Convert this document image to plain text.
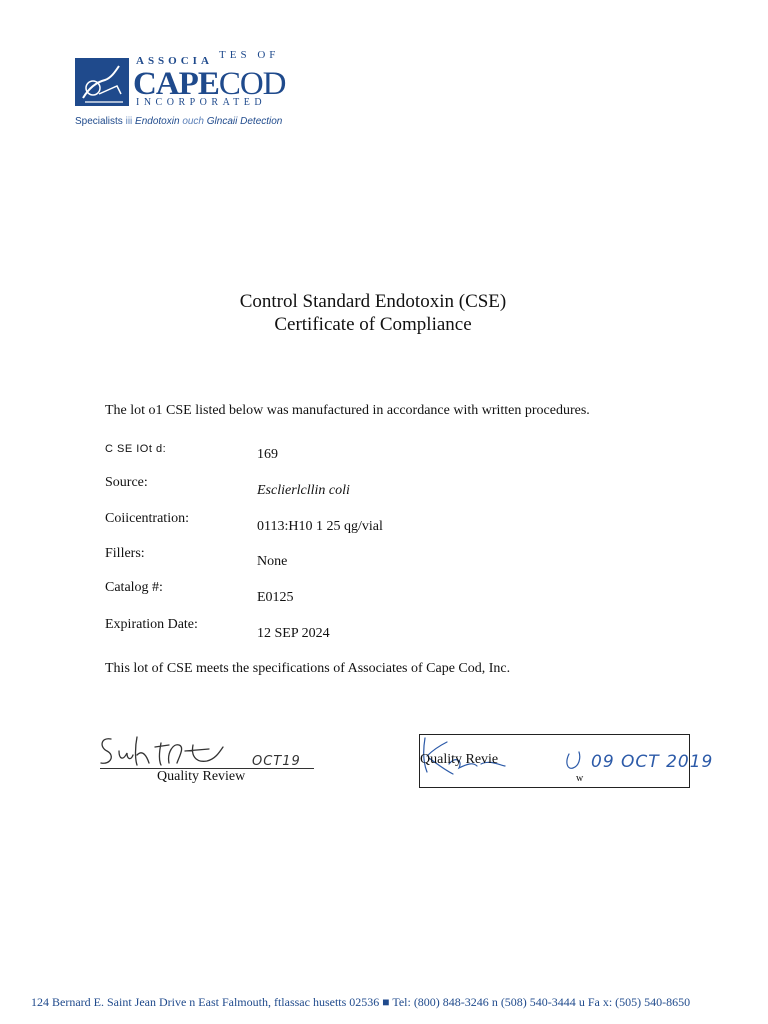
ASSOCIA TES OF
CAPECOD
INCORPORATED
Specialists iii Endotoxin ouch Glncaii Detection
Control Standard Endotoxin (CSE)
Certificate of Compliance
The lot o1 CSE listed below was manufactured in accordance with written procedures.
C SE IOt d:	169
Source:
Esclierlcllin coli
Coiicentration:
0113:H10 1 25 qg/vial
Fillers:
None
Catalog #:
E0125
Expiration Date:
12 SEP 2024
This lot of CSE meets the specifications of Associates of Cape Cod, Inc.
OCT19
Quality Review
Quality Revie
w
09 OCT 2019
124 Bernard E. Saint Jean Drive n East Falmouth, ftlassac husetts 02536 ■ Tel: (800) 848-3246 n (508) 540-3444 u Fa x: (505) 540-8650
